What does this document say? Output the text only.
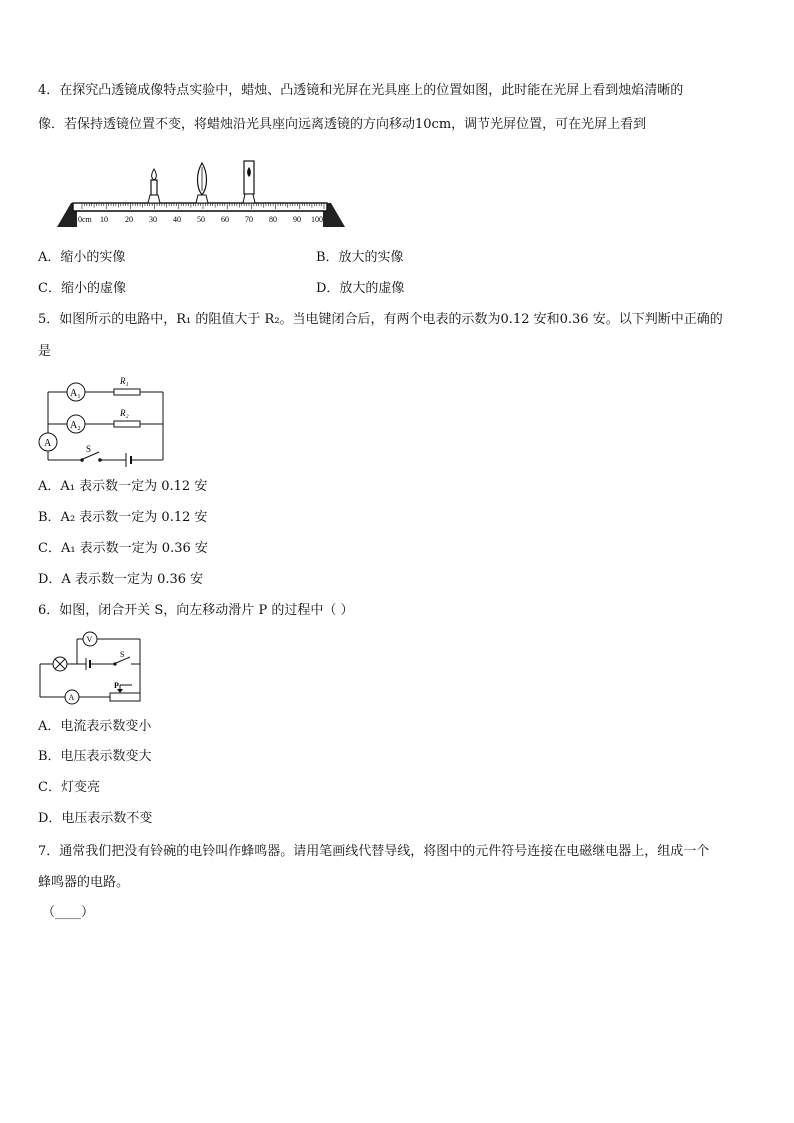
4．在探究凸透镜成像特点实验中，蜡烛、凸透镜和光屏在光具座上的位置如图，此时能在光屏上看到烛焰清晰的
像．若保持透镜位置不变，将蜡烛沿光具座向远离透镜的方向移动10cm，调节光屏位置，可在光屏上看到
0cm 10 20 30 40 50 60 70 80 90 100
A．缩小的实像	B．放大的实像
C．缩小的虚像	D．放大的虚像
5．如图所示的电路中，R₁ 的阻值大于 R₂。当电键闭合后，有两个电表的示数为0.12 安和0.36 安。以下判断中正确的
是
A₁
R₁
A₂
R₂
A	S
A．A₁ 表示数一定为 0.12 安
B．A₂ 表示数一定为 0.12 安
C．A₁ 表示数一定为 0.36 安
D．A 表示数一定为 0.36 安
6．如图，闭合开关 S，向左移动滑片 P 的过程中（ ）
V
S
A
P
A．电流表示数变小
B．电压表示数变大
C．灯变亮
D．电压表示数不变
7．通常我们把没有铃碗的电铃叫作蜂鸣器。请用笔画线代替导线，将图中的元件符号连接在电磁继电器上，组成一个
蜂鸣器的电路。
（____）
